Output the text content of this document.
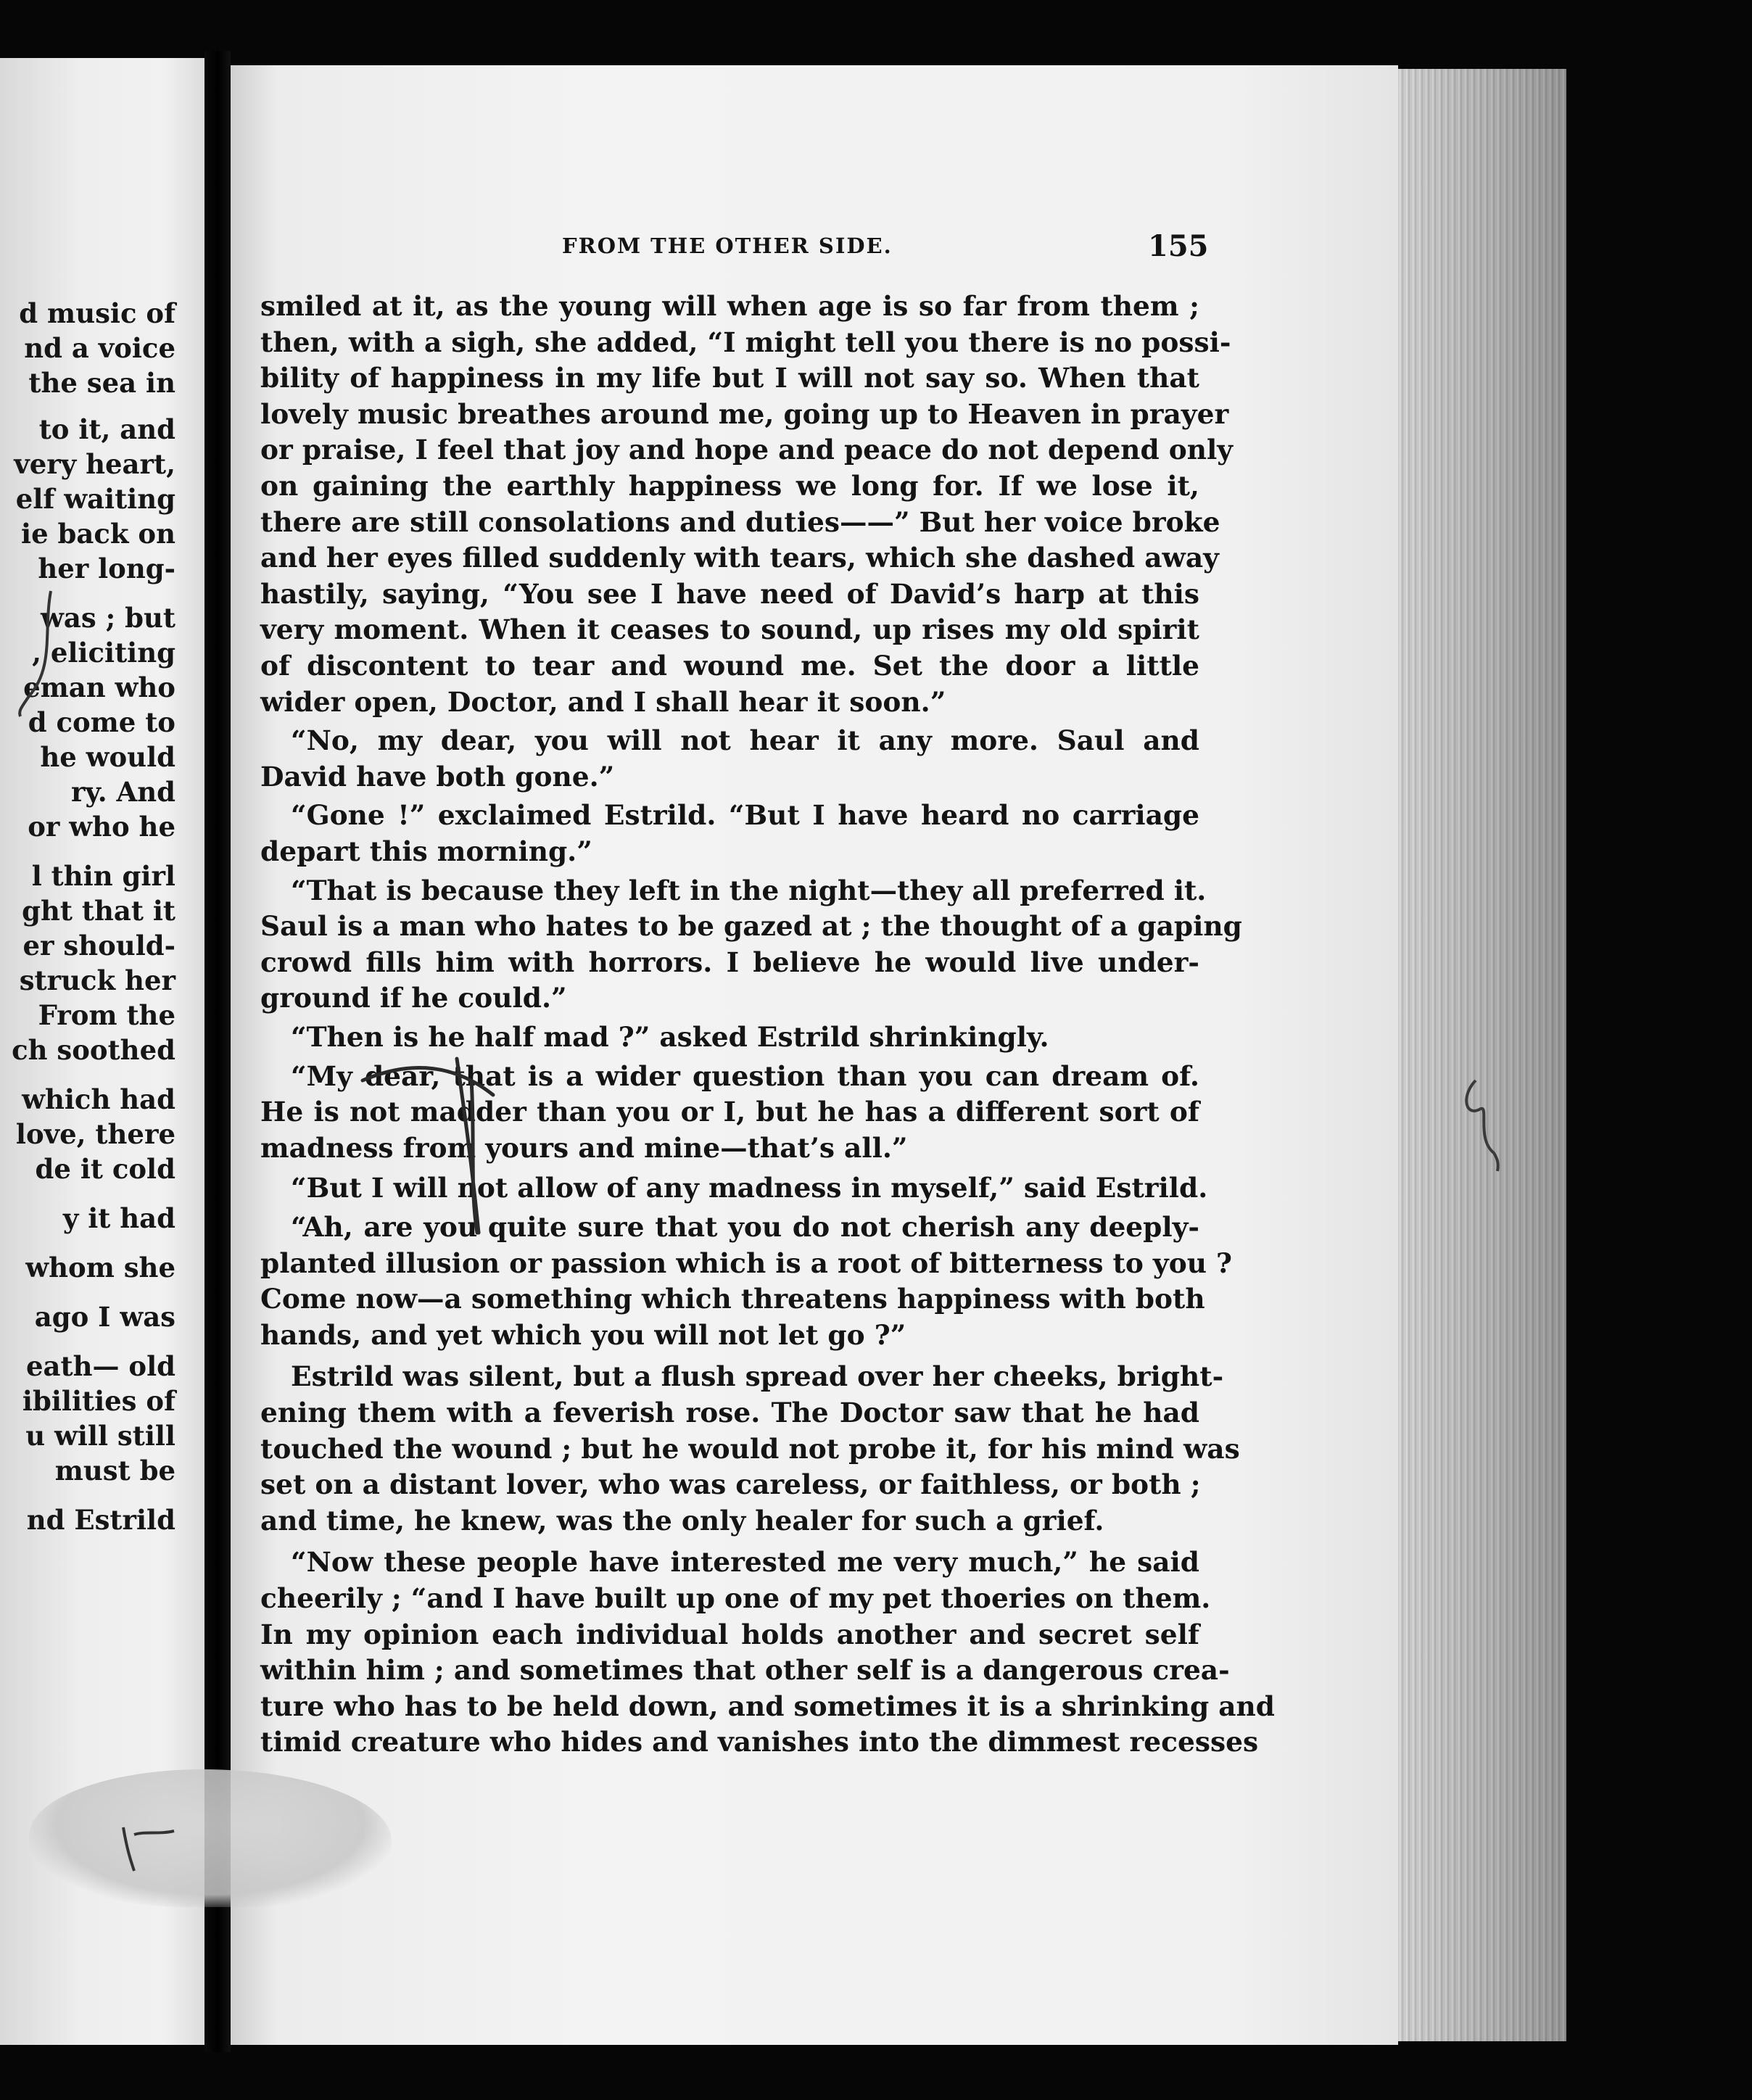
d music of
nd a voice
the sea in
to it, and
very heart,
elf waiting
ie back on
her long-
was ; but
, eliciting
eman who
d come to
he would
ry. And
or who he
l thin girl
ght that it
er should-
struck her
From the
ch soothed
which had
love, there
de it cold
y it had
whom she
ago I was
eath— old
ibilities of
u will still
must be
nd Estrild
FROM THE OTHER SIDE.	155
smiled at it, as the young will when age is so far from them ;
then, with a sigh, she added, “I might tell you there is no possi-
bility of happiness in my life but I will not say so. When that
lovely music breathes around me, going up to Heaven in prayer
or praise, I feel that joy and hope and peace do not depend only
on gaining the earthly happiness we long for. If we lose it,
there are still consolations and duties——” But her voice broke
and her eyes filled suddenly with tears, which she dashed away
hastily, saying, “You see I have need of David’s harp at this
very moment. When it ceases to sound, up rises my old spirit
of discontent to tear and wound me. Set the door a little
wider open, Doctor, and I shall hear it soon.”
“No, my dear, you will not hear it any more. Saul and
David have both gone.”
“Gone !” exclaimed Estrild. “But I have heard no carriage
depart this morning.”
“That is because they left in the night—they all preferred it.
Saul is a man who hates to be gazed at ; the thought of a gaping
crowd fills him with horrors. I believe he would live under-
ground if he could.”
“Then is he half mad ?” asked Estrild shrinkingly.
“My dear, that is a wider question than you can dream of.
He is not madder than you or I, but he has a different sort of
madness from yours and mine—that’s all.”
“But I will not allow of any madness in myself,” said Estrild.
“Ah, are you quite sure that you do not cherish any deeply-
planted illusion or passion which is a root of bitterness to you ?
Come now—a something which threatens happiness with both
hands, and yet which you will not let go ?”
Estrild was silent, but a flush spread over her cheeks, bright-
ening them with a feverish rose. The Doctor saw that he had
touched the wound ; but he would not probe it, for his mind was
set on a distant lover, who was careless, or faithless, or both ;
and time, he knew, was the only healer for such a grief.
“Now these people have interested me very much,” he said
cheerily ; “and I have built up one of my pet thoeries on them.
In my opinion each individual holds another and secret self
within him ; and sometimes that other self is a dangerous crea-
ture who has to be held down, and sometimes it is a shrinking and
timid creature who hides and vanishes into the dimmest recesses
